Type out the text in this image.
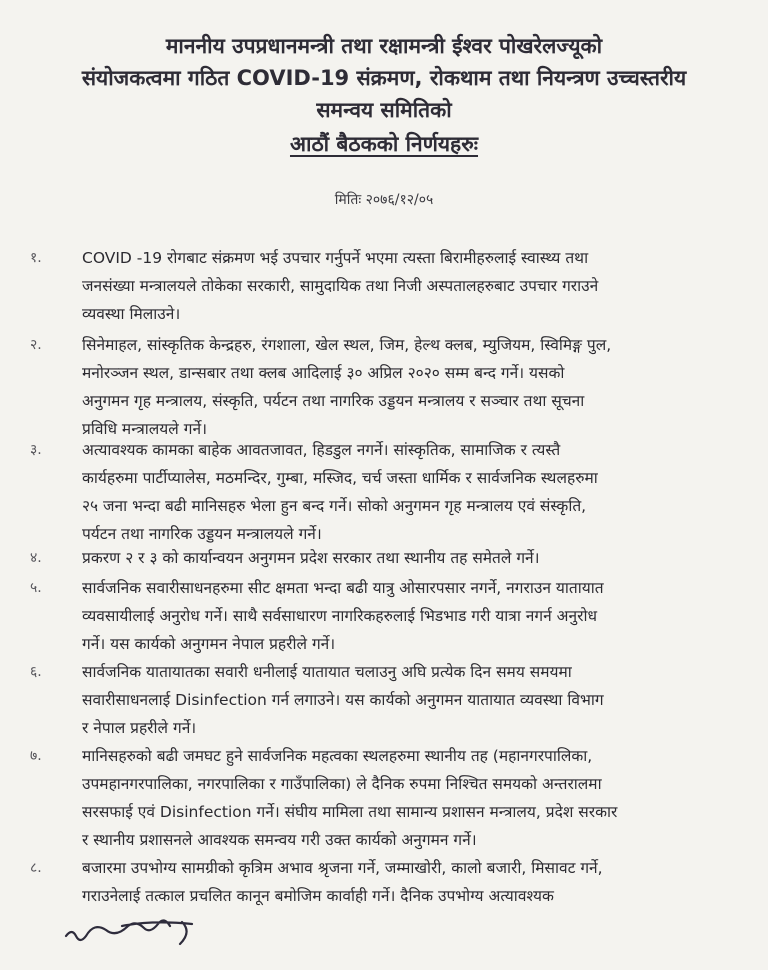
माननीय उपप्रधानमन्त्री तथा रक्षामन्त्री ईश्वर पोखरेलज्यूको
संयोजकत्वमा गठित COVID-19 संक्रमण, रोकथाम तथा नियन्त्रण उच्चस्तरीय
समन्वय समितिको
आठौं बैठकको निर्णयहरुः
मितिः २०७६/१२/०५
१.	COVID -19 रोगबाट संक्रमण भई उपचार गर्नुपर्ने भएमा त्यस्ता बिरामीहरुलाई स्वास्थ्य तथा
जनसंख्या मन्त्रालयले तोकेका सरकारी, सामुदायिक तथा निजी अस्पतालहरुबाट उपचार गराउने
व्यवस्था मिलाउने।
२.	सिनेमाहल, सांस्कृतिक केन्द्रहरु, रंगशाला, खेल स्थल, जिम, हेल्थ क्लब, म्युजियम, स्विमिङ्ग पुल,
मनोरञ्जन स्थल, डान्सबार तथा क्लब आदिलाई ३० अप्रिल २०२० सम्म बन्द गर्ने। यसको
अनुगमन गृह मन्त्रालय, संस्कृति, पर्यटन तथा नागरिक उड्डयन मन्त्रालय र सञ्चार तथा सूचना
प्रविधि मन्त्रालयले गर्ने।
३.	अत्यावश्यक कामका बाहेक आवतजावत, हिडडुल नगर्ने। सांस्कृतिक, सामाजिक र त्यस्तै
कार्यहरुमा पार्टीप्यालेस, मठमन्दिर, गुम्बा, मस्जिद, चर्च जस्ता धार्मिक र सार्वजनिक स्थलहरुमा
२५ जना भन्दा बढी मानिसहरु भेला हुन बन्द गर्ने। सोको अनुगमन गृह मन्त्रालय एवं संस्कृति,
पर्यटन तथा नागरिक उड्डयन मन्त्रालयले गर्ने।
४.	प्रकरण २ र ३ को कार्यान्वयन अनुगमन प्रदेश सरकार तथा स्थानीय तह समेतले गर्ने।
५.	सार्वजनिक सवारीसाधनहरुमा सीट क्षमता भन्दा बढी यात्रु ओसारपसार नगर्ने, नगराउन यातायात
व्यवसायीलाई अनुरोध गर्ने। साथै सर्वसाधारण नागरिकहरुलाई भिडभाड गरी यात्रा नगर्न अनुरोध
गर्ने। यस कार्यको अनुगमन नेपाल प्रहरीले गर्ने।
६.	सार्वजनिक यातायातका सवारी धनीलाई यातायात चलाउनु अघि प्रत्येक दिन समय समयमा
सवारीसाधनलाई Disinfection गर्न लगाउने। यस कार्यको अनुगमन यातायात व्यवस्था विभाग
र नेपाल प्रहरीले गर्ने।
७.	मानिसहरुको बढी जमघट हुने सार्वजनिक महत्वका स्थलहरुमा स्थानीय तह (महानगरपालिका,
उपमहानगरपालिका, नगरपालिका र गाउँपालिका) ले दैनिक रुपमा निश्चित समयको अन्तरालमा
सरसफाई एवं Disinfection गर्ने। संघीय मामिला तथा सामान्य प्रशासन मन्त्रालय, प्रदेश सरकार
र स्थानीय प्रशासनले आवश्यक समन्वय गरी उक्त कार्यको अनुगमन गर्ने।
८.	बजारमा उपभोग्य सामग्रीको कृत्रिम अभाव श्रृजना गर्ने, जम्माखोरी, कालो बजारी, मिसावट गर्ने,
गराउनेलाई तत्काल प्रचलित कानून बमोजिम कार्वाही गर्ने। दैनिक उपभोग्य अत्यावश्यक
